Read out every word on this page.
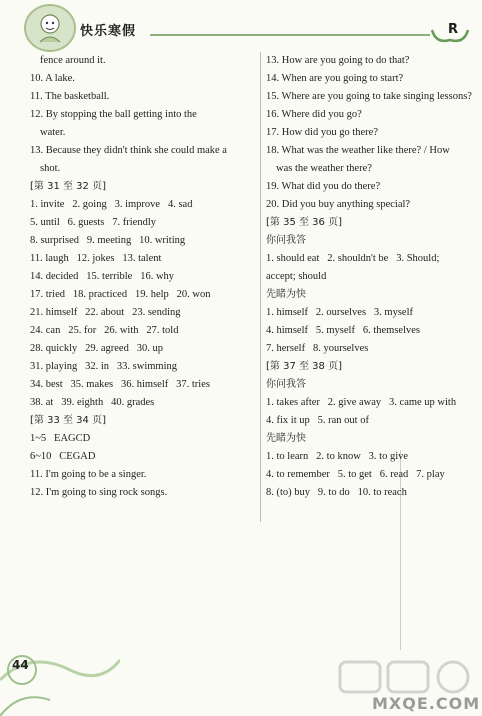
快乐寒假	R
fence around it.
10. A lake.
11. The basketball.
12. By stopping the ball getting into the
water.
13. Because they didn't think she could make a
shot.
[第 31 至 32 页]
1. invite   2. going   3. improve   4. sad
5. until   6. guests   7. friendly
8. surprised   9. meeting   10. writing
11. laugh   12. jokes   13. talent
14. decided   15. terrible   16. why
17. tried   18. practiced   19. help   20. won
21. himself   22. about   23. sending
24. can   25. for   26. with   27. told
28. quickly   29. agreed   30. up
31. playing   32. in   33. swimming
34. best   35. makes   36. himself   37. tries
38. at   39. eighth   40. grades
[第 33 至 34 页]
1~5   EAGCD
6~10   CEGAD
11. I'm going to be a singer.
12. I'm going to sing rock songs.
13. How are you going to do that?
14. When are you going to start?
15. Where are you going to take singing lessons?
16. Where did you go?
17. How did you go there?
18. What was the weather like there? / How
was the weather there?
19. What did you do there?
20. Did you buy anything special?
[第 35 至 36 页]
你问我答
1. should eat   2. shouldn't be   3. Should;
accept; should
先睹为快
1. himself   2. ourselves   3. myself
4. himself   5. myself   6. themselves
7. herself   8. yourselves
[第 37 至 38 页]
你问我答
1. takes after   2. give away   3. came up with
4. fix it up   5. ran out of
先睹为快
1. to learn   2. to know   3. to give
4. to remember   5. to get   6. read   7. play
8. (to) buy   9. to do   10. to reach
44
MXQE.COM
